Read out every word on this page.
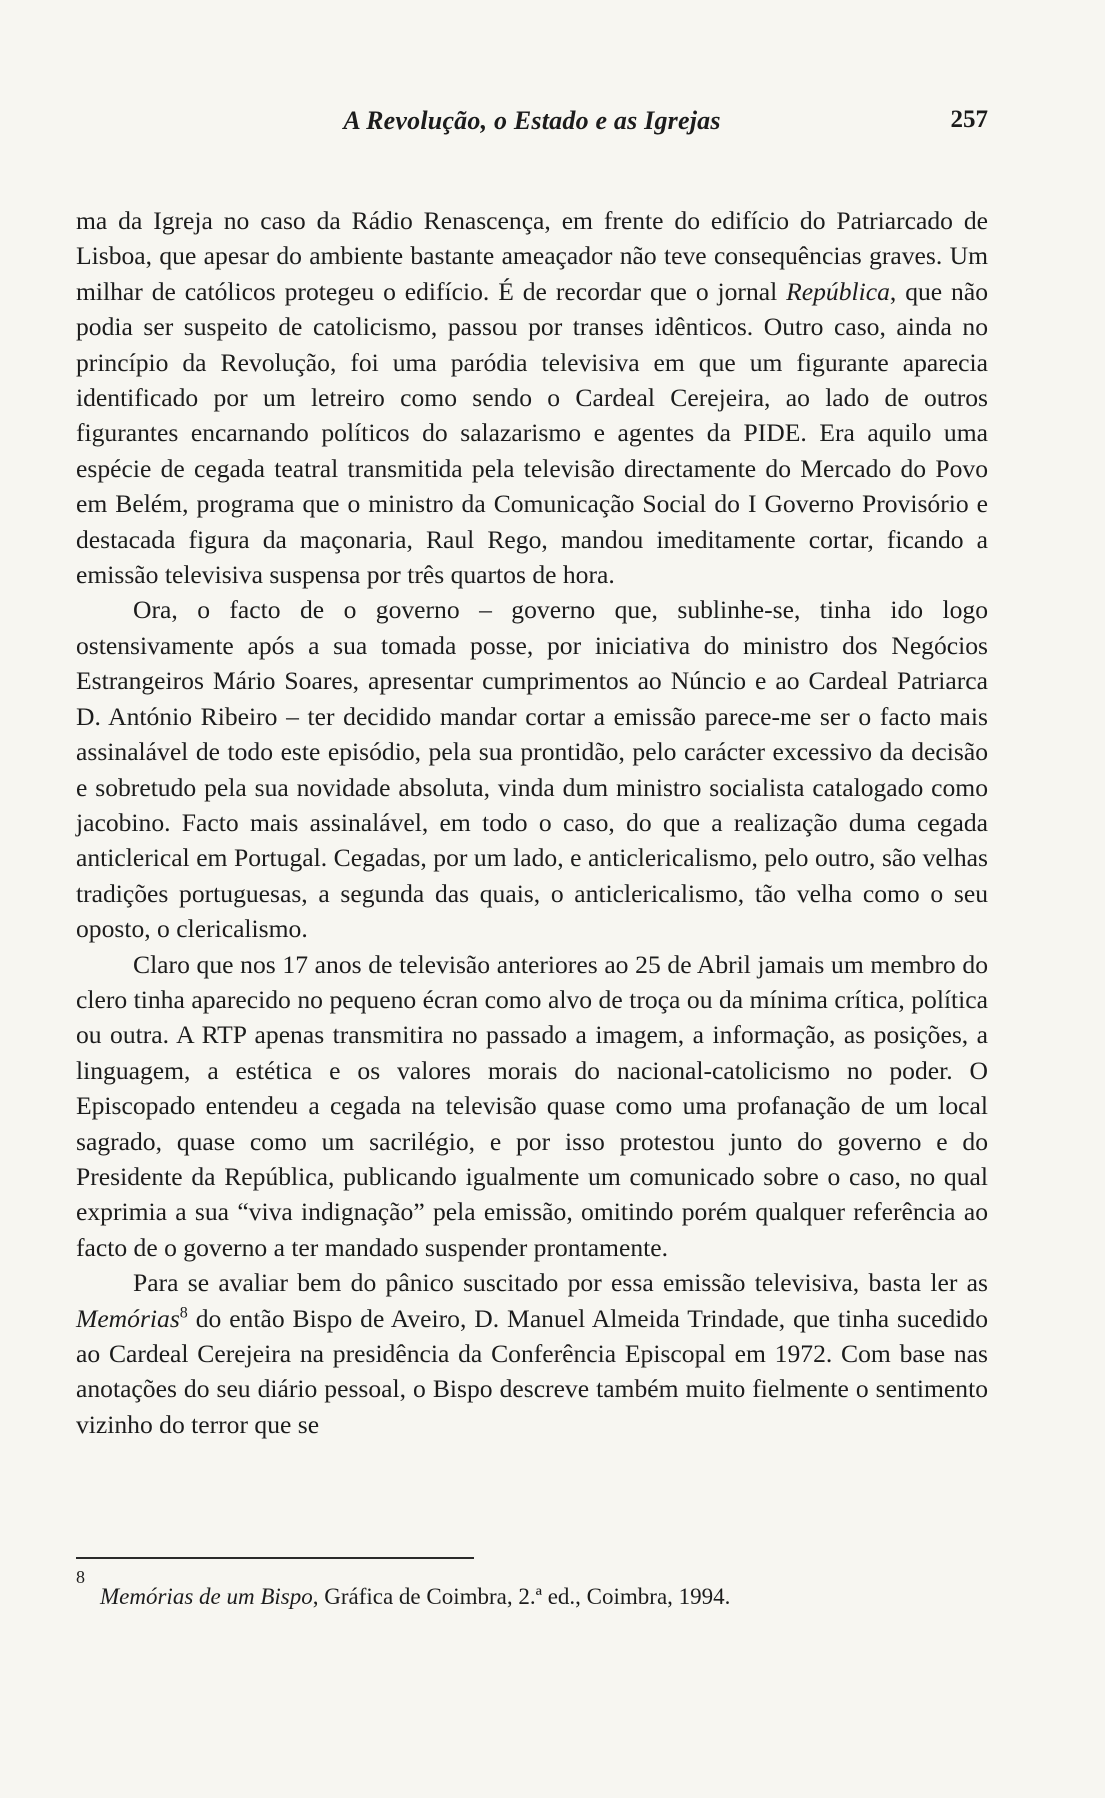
A Revolução, o Estado e as Igrejas	257

ma da Igreja no caso da Rádio Renascença, em frente do edifício do Patriarcado de Lisboa, que apesar do ambiente bastante ameaçador não teve consequências graves. Um milhar de católicos protegeu o edifício. É de recordar que o jornal República, que não podia ser suspeito de catolicismo, passou por transes idênticos. Outro caso, ainda no princípio da Revolução, foi uma paródia televisiva em que um figurante aparecia identificado por um letreiro como sendo o Cardeal Cerejeira, ao lado de outros figurantes encarnando políticos do salazarismo e agentes da PIDE. Era aquilo uma espécie de cegada teatral transmitida pela televisão directamente do Mercado do Povo em Belém, programa que o ministro da Comunicação Social do I Governo Provisório e destacada figura da maçonaria, Raul Rego, mandou imeditamente cortar, ficando a emissão televisiva suspensa por três quartos de hora.

Ora, o facto de o governo – governo que, sublinhe-se, tinha ido logo ostensivamente após a sua tomada posse, por iniciativa do ministro dos Negócios Estrangeiros Mário Soares, apresentar cumprimentos ao Núncio e ao Cardeal Patriarca D. António Ribeiro – ter decidido mandar cortar a emissão parece-me ser o facto mais assinalável de todo este episódio, pela sua prontidão, pelo carácter excessivo da decisão e sobretudo pela sua novidade absoluta, vinda dum ministro socialista catalogado como jacobino. Facto mais assinalável, em todo o caso, do que a realização duma cegada anticlerical em Portugal. Cegadas, por um lado, e anticlericalismo, pelo outro, são velhas tradições portuguesas, a segunda das quais, o anticlericalismo, tão velha como o seu oposto, o clericalismo.

Claro que nos 17 anos de televisão anteriores ao 25 de Abril jamais um membro do clero tinha aparecido no pequeno écran como alvo de troça ou da mínima crítica, política ou outra. A RTP apenas transmitira no passado a imagem, a informação, as posições, a linguagem, a estética e os valores morais do nacional-catolicismo no poder. O Episcopado entendeu a cegada na televisão quase como uma profanação de um local sagrado, quase como um sacrilégio, e por isso protestou junto do governo e do Presidente da República, publicando igualmente um comunicado sobre o caso, no qual exprimia a sua “viva indignação” pela emissão, omitindo porém qualquer referência ao facto de o governo a ter mandado suspender prontamente.

Para se avaliar bem do pânico suscitado por essa emissão televisiva, basta ler as Memórias$^8$ do então Bispo de Aveiro, D. Manuel Almeida Trindade, que tinha sucedido ao Cardeal Cerejeira na presidência da Conferência Episcopal em 1972. Com base nas anotações do seu diário pessoal, o Bispo descreve também muito fielmente o sentimento vizinho do terror que se

8
Memórias de um Bispo, Gráfica de Coimbra, 2.ª ed., Coimbra, 1994.
